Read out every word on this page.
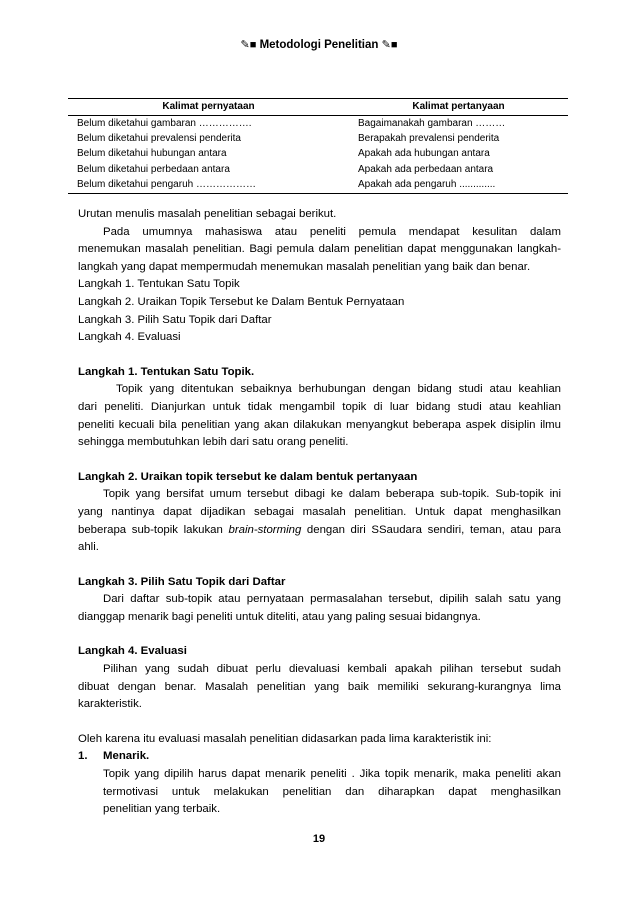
✎■ Metodologi Penelitian ✎■
Kalimat pernyataan	Kalimat pertanyaan
Belum diketahui gambaran …………….	Bagaimanakah gambaran ………
Belum diketahui prevalensi penderita	Berapakah prevalensi penderita
Belum diketahui hubungan antara	Apakah ada hubungan antara
Belum diketahui perbedaan antara	Apakah ada perbedaan antara
Belum diketahui pengaruh ………………	Apakah ada pengaruh .............

Urutan menulis masalah penelitian sebagai berikut.

Pada umumnya mahasiswa atau peneliti pemula mendapat kesulitan dalam

menemukan masalah penelitian. Bagi pemula dalam penelitian dapat menggunakan langkah-

langkah yang dapat mempermudah menemukan masalah penelitian yang baik dan benar.

Langkah 1. Tentukan Satu Topik

Langkah 2. Uraikan Topik Tersebut ke Dalam Bentuk Pernyataan

Langkah 3. Pilih Satu Topik dari Daftar

Langkah 4. Evaluasi

Langkah 1. Tentukan Satu Topik.

Topik yang ditentukan sebaiknya berhubungan dengan bidang studi atau keahlian

dari peneliti. Dianjurkan untuk tidak mengambil topik di luar bidang studi atau keahlian

peneliti kecuali bila penelitian yang akan dilakukan menyangkut beberapa aspek disiplin ilmu

sehingga membutuhkan lebih dari satu orang peneliti.

Langkah 2. Uraikan topik tersebut ke dalam bentuk pertanyaan

Topik yang bersifat umum tersebut dibagi ke dalam beberapa sub-topik. Sub-topik ini

yang nantinya dapat dijadikan sebagai masalah penelitian. Untuk dapat menghasilkan

beberapa sub-topik lakukan brain-storming dengan diri SSaudara sendiri, teman, atau para

ahli.

Langkah 3. Pilih Satu Topik dari Daftar

Dari daftar sub-topik atau pernyataan permasalahan tersebut, dipilih salah satu yang

dianggap menarik bagi peneliti untuk diteliti, atau yang paling sesuai bidangnya.

Langkah 4. Evaluasi

Pilihan yang sudah dibuat perlu dievaluasi kembali apakah pilihan tersebut sudah

dibuat dengan benar. Masalah penelitian yang baik memiliki sekurang-kurangnya lima

karakteristik.

Oleh karena itu evaluasi masalah penelitian didasarkan pada lima karakteristik ini:

1.	Menarik.

Topik yang dipilih harus dapat menarik peneliti . Jika topik menarik, maka peneliti akan

termotivasi untuk melakukan penelitian dan diharapkan dapat menghasilkan

penelitian yang terbaik.

19
